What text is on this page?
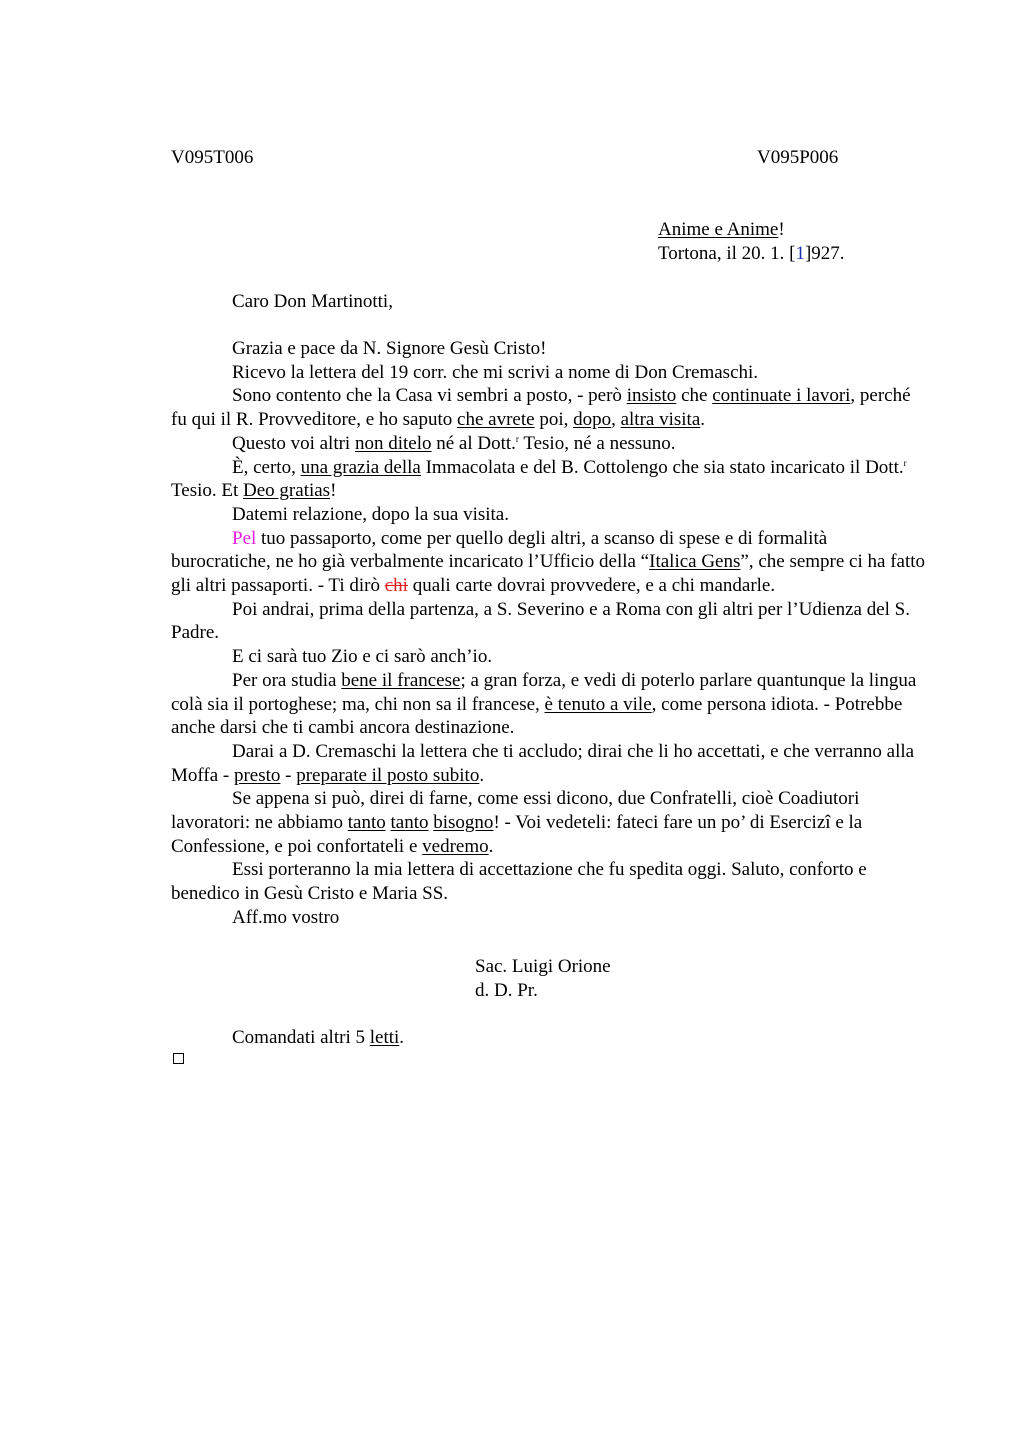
V095T006	V095P006
Anime e Anime!
Tortona, il 20. 1. [1]927.
Caro Don Martinotti,

Grazia e pace da N. Signore Gesù Cristo!

Ricevo la lettera del 19 corr. che mi scrivi a nome di Don Cremaschi.

Sono contento che la Casa vi sembri a posto, - però insisto che continuate i lavori, perché fu qui il R. Provveditore, e ho saputo che avrete poi, dopo, altra visita.

Questo voi altri non ditelo né al Dott.$^r$ Tesio, né a nessuno.

È, certo, una grazia della Immacolata e del B. Cottolengo che sia stato incaricato il Dott.$^r$ Tesio. Et Deo gratias!

Datemi relazione, dopo la sua visita.

Pel tuo passaporto, come per quello degli altri, a scanso di spese e di formalità burocratiche, ne ho già verbalmente incaricato l’Ufficio della “Italica Gens”, che sempre ci ha fatto gli altri passaporti. - Ti dirò chi quali carte dovrai provvedere, e a chi mandarle.

Poi andrai, prima della partenza, a S. Severino e a Roma con gli altri per l’Udienza del S. Padre.

E ci sarà tuo Zio e ci sarò anch’io.

Per ora studia bene il francese; a gran forza, e vedi di poterlo parlare quantunque la lingua colà sia il portoghese; ma, chi non sa il francese, è tenuto a vile, come persona idiota. - Potrebbe anche darsi che ti cambi ancora destinazione.

Darai a D. Cremaschi la lettera che ti accludo; dirai che li ho accettati, e che verranno alla Moffa - presto - preparate il posto subito.

Se appena si può, direi di farne, come essi dicono, due Confratelli, cioè Coadiutori lavoratori: ne abbiamo tanto tanto bisogno! - Voi vedeteli: fateci fare un po’ di Esercizi e la Confessione, e poi confortateli e vedremo.

Essi porteranno la mia lettera di accettazione che fu spedita oggi. Saluto, conforto e benedico in Gesù Cristo e Maria SS.

Aff.mo vostro

Sac. Luigi Orione
d. D. Pr.
Comandati altri 5 letti.
